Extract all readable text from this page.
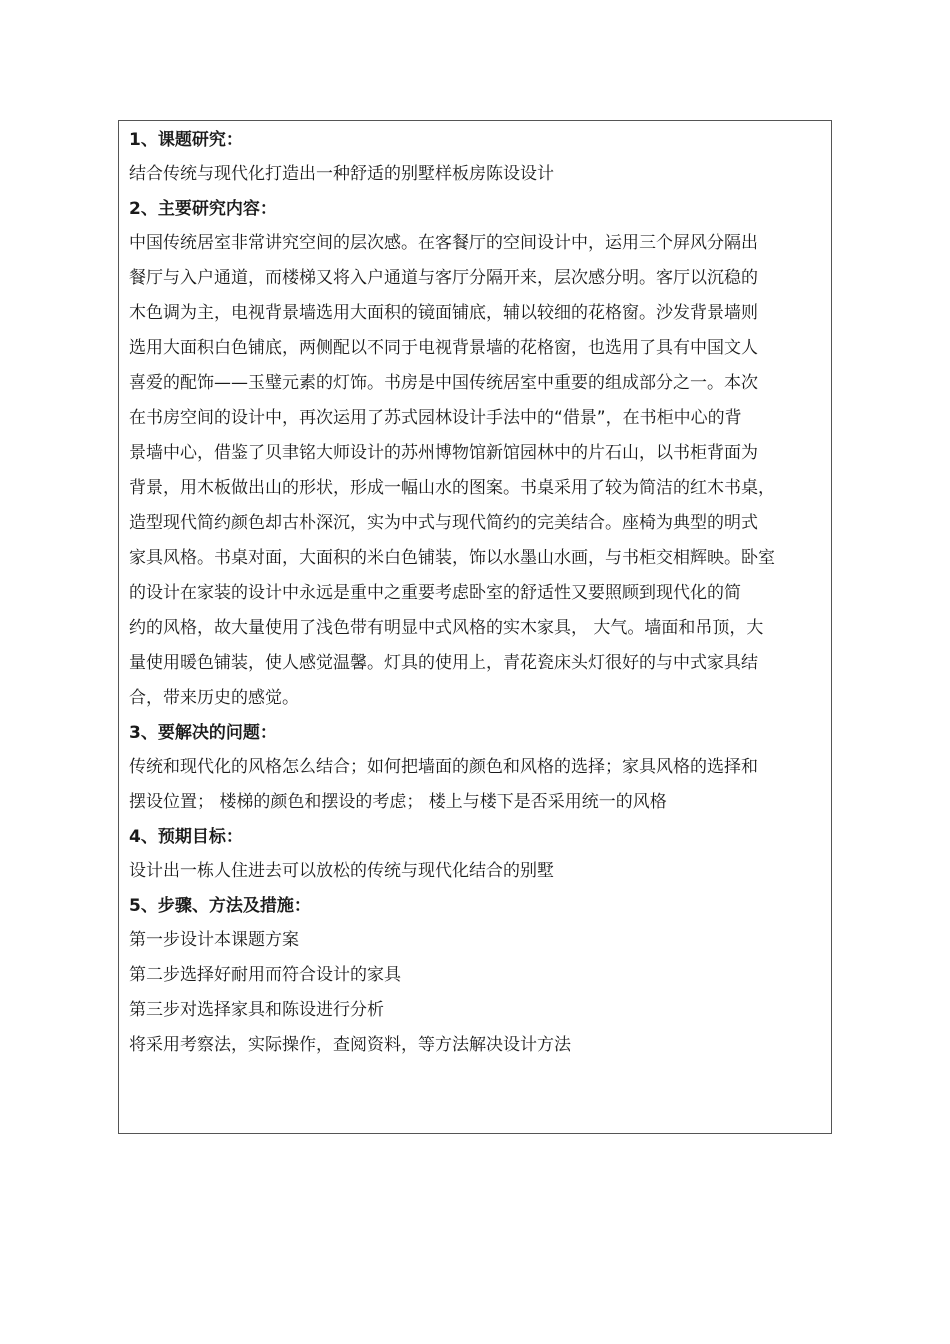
1、课题研究：
结合传统与现代化打造出一种舒适的别墅样板房陈设设计
2、主要研究内容：
中国传统居室非常讲究空间的层次感。在客餐厅的空间设计中，运用三个屏风分隔出
餐厅与入户通道，而楼梯又将入户通道与客厅分隔开来，层次感分明。客厅以沉稳的
木色调为主，电视背景墙选用大面积的镜面铺底，辅以较细的花格窗。沙发背景墙则
选用大面积白色铺底，两侧配以不同于电视背景墙的花格窗，也选用了具有中国文人
喜爱的配饰——玉璧元素的灯饰。书房是中国传统居室中重要的组成部分之一。本次
在书房空间的设计中，再次运用了苏式园林设计手法中的“借景”，在书柜中心的背
景墙中心，借鉴了贝聿铭大师设计的苏州博物馆新馆园林中的片石山，以书柜背面为
背景，用木板做出山的形状，形成一幅山水的图案。书桌采用了较为简洁的红木书桌，
造型现代简约颜色却古朴深沉，实为中式与现代简约的完美结合。座椅为典型的明式
家具风格。书桌对面，大面积的米白色铺装，饰以水墨山水画，与书柜交相辉映。卧室
的设计在家装的设计中永远是重中之重要考虑卧室的舒适性又要照顾到现代化的简
约的风格，故大量使用了浅色带有明显中式风格的实木家具， 大气。墙面和吊顶，大
量使用暖色铺装，使人感觉温馨。灯具的使用上，青花瓷床头灯很好的与中式家具结
合，带来历史的感觉。
3、要解决的问题：
传统和现代化的风格怎么结合；如何把墙面的颜色和风格的选择；家具风格的选择和
摆设位置； 楼梯的颜色和摆设的考虑； 楼上与楼下是否采用统一的风格
4、预期目标：
设计出一栋人住进去可以放松的传统与现代化结合的别墅
5、步骤、方法及措施：
第一步设计本课题方案
第二步选择好耐用而符合设计的家具
第三步对选择家具和陈设进行分析
将采用考察法，实际操作，查阅资料，等方法解决设计方法
